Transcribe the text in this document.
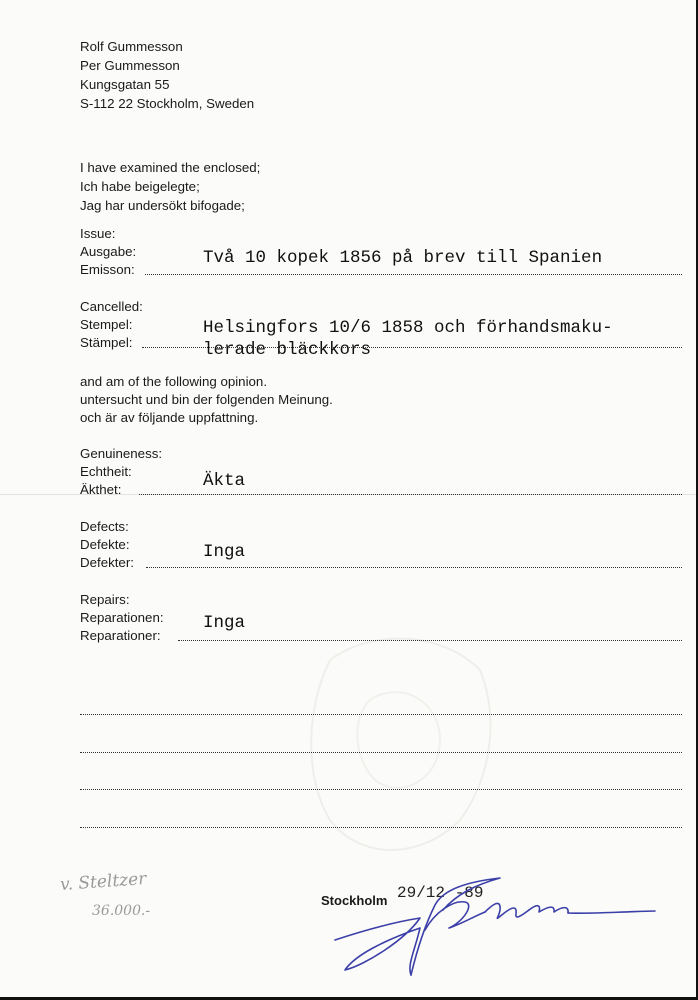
Rolf Gummesson
Per Gummesson
Kungsgatan 55
S-112 22 Stockholm, Sweden
I have examined the enclosed;
Ich habe beigelegte;
Jag har undersökt bifogade;
Issue:
Ausgabe:
Emisson:
Två 10 kopek 1856 på brev till Spanien
Cancelled:
Stempel:
Stämpel:
Helsingfors 10/6 1858 och förhandsmaku-
lerade bläckkors
and am of the following opinion.
untersucht und bin der folgenden Meinung.
och är av följande uppfattning.
Genuineness:
Echtheit:
Äkthet:	Äkta
Defects:
Defekte:
Defekter:
Inga
Repairs:
Reparationen:
Reparationer:
Inga
v. Steltzer
36.000.-
Stockholm 29/12 -89
